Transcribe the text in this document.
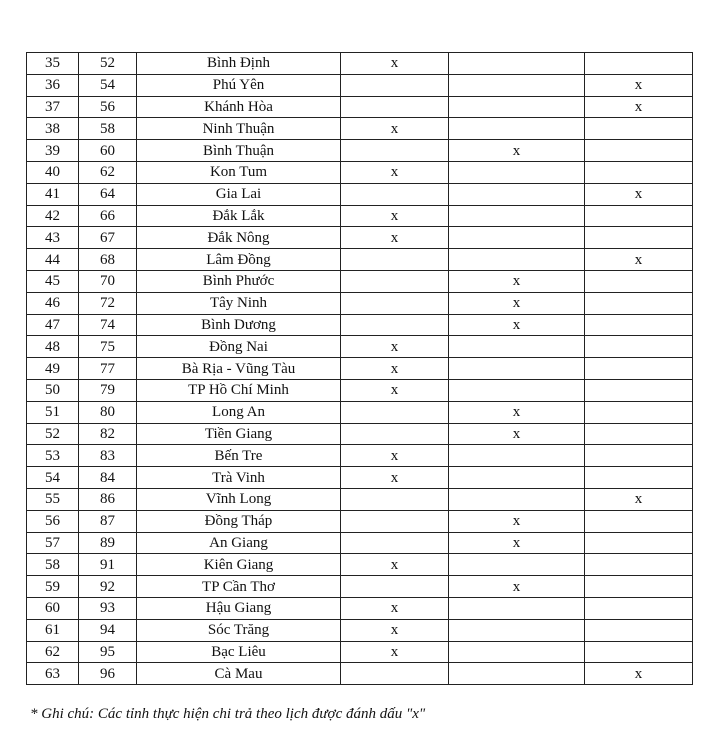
35	52	Bình Định	x		
36	54	Phú Yên			x
37	56	Khánh Hòa			x
38	58	Ninh Thuận	x		
39	60	Bình Thuận		x	
40	62	Kon Tum	x		
41	64	Gia Lai			x
42	66	Đắk Lắk	x		
43	67	Đắk Nông	x		
44	68	Lâm Đồng			x
45	70	Bình Phước		x	
46	72	Tây Ninh		x	
47	74	Bình Dương		x	
48	75	Đồng Nai	x		
49	77	Bà Rịa - Vũng Tàu	x		
50	79	TP Hồ Chí Minh	x		
51	80	Long An		x	
52	82	Tiền Giang		x	
53	83	Bến Tre	x		
54	84	Trà Vinh	x		
55	86	Vĩnh Long			x
56	87	Đồng Tháp		x	
57	89	An Giang		x	
58	91	Kiên Giang	x		
59	92	TP Cần Thơ		x	
60	93	Hậu Giang	x		
61	94	Sóc Trăng	x		
62	95	Bạc Liêu	x		
63	96	Cà Mau			x
* Ghi chú: Các tỉnh thực hiện chi trả theo lịch được đánh dấu "x"
